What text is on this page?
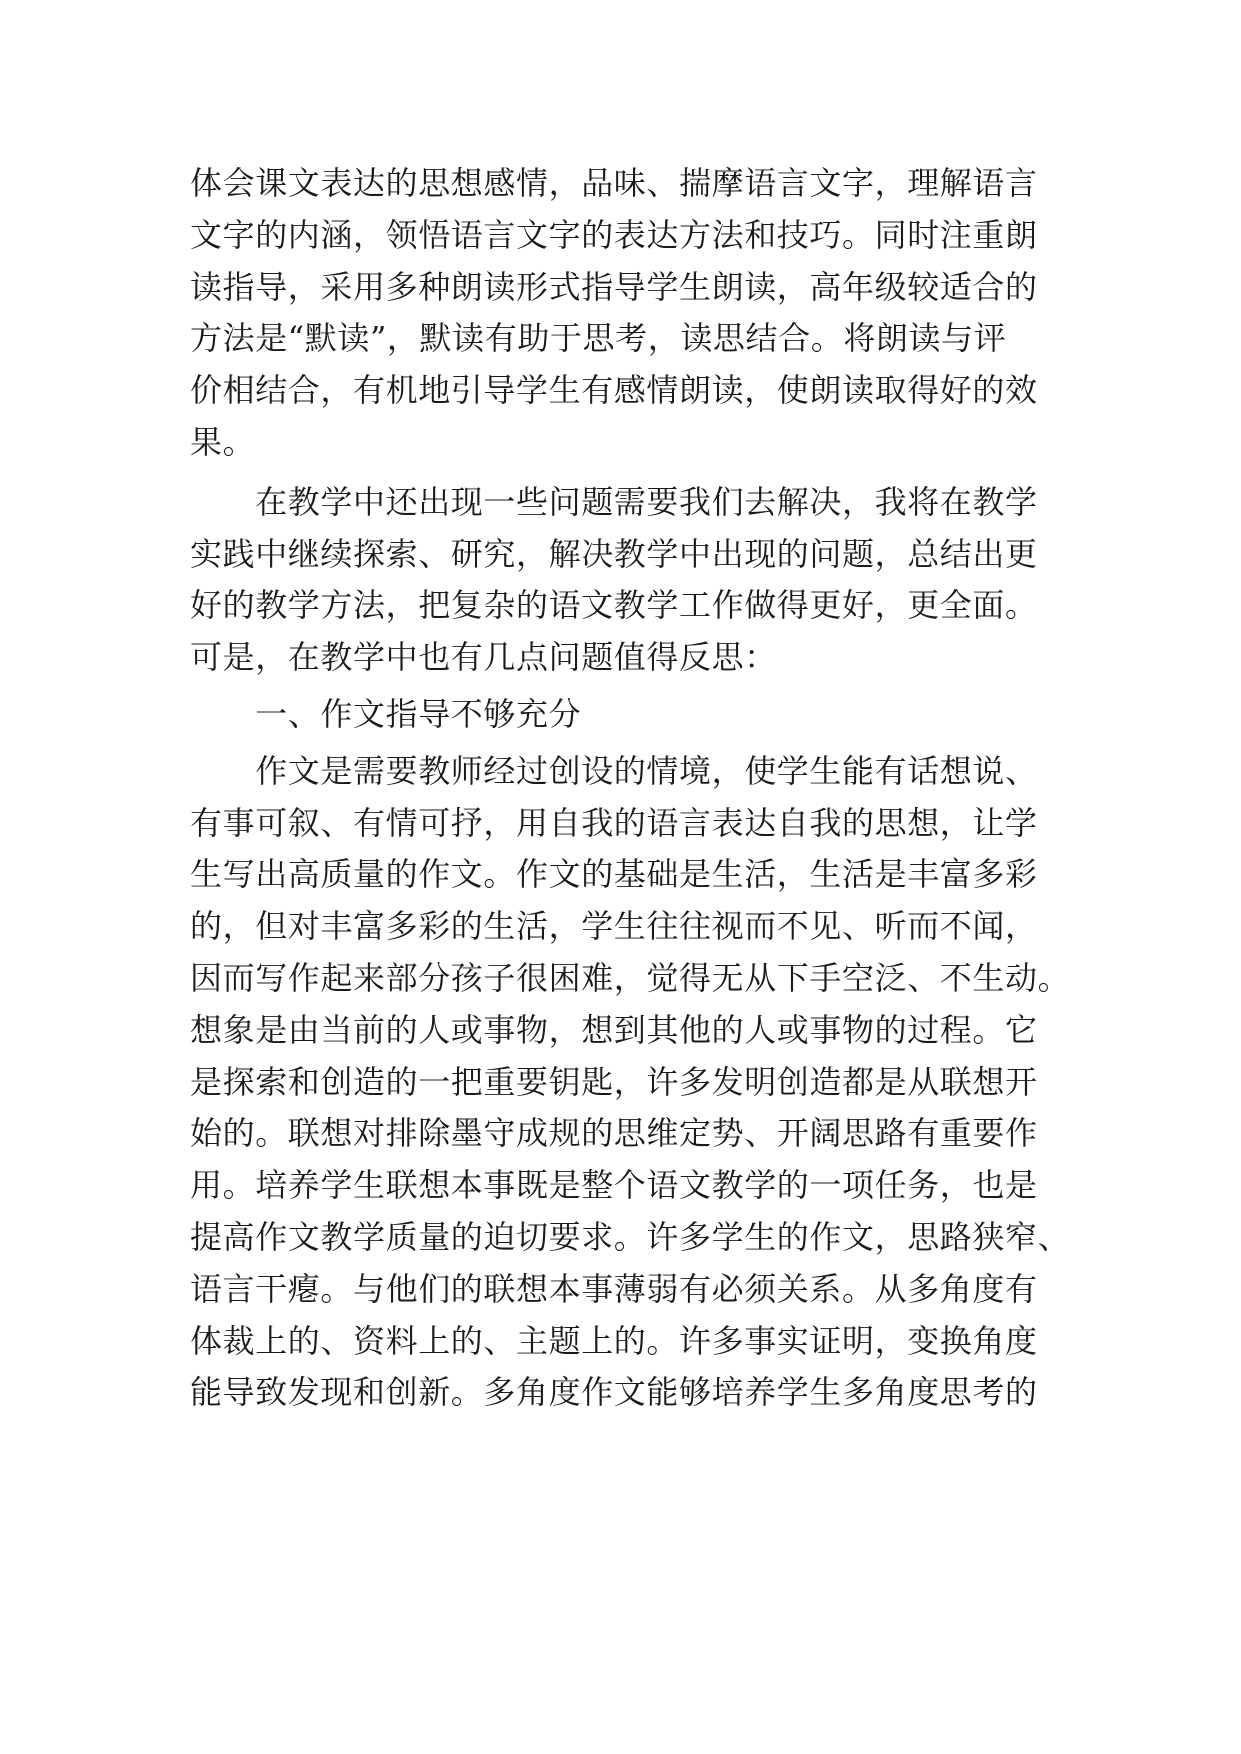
体会课文表达的思想感情，品味、揣摩语言文字，理解语言
文字的内涵，领悟语言文字的表达方法和技巧。同时注重朗
读指导，采用多种朗读形式指导学生朗读，高年级较适合的
方法是“默读”，默读有助于思考，读思结合。将朗读与评
价相结合，有机地引导学生有感情朗读，使朗读取得好的效
果。
　　在教学中还出现一些问题需要我们去解决，我将在教学
实践中继续探索、研究，解决教学中出现的问题，总结出更
好的教学方法，把复杂的语文教学工作做得更好，更全面。
可是，在教学中也有几点问题值得反思：
　　一、作文指导不够充分
　　作文是需要教师经过创设的情境，使学生能有话想说、
有事可叙、有情可抒，用自我的语言表达自我的思想，让学
生写出高质量的作文。作文的基础是生活，生活是丰富多彩
的，但对丰富多彩的生活，学生往往视而不见、听而不闻，
因而写作起来部分孩子很困难，觉得无从下手空泛、不生动。
想象是由当前的人或事物，想到其他的人或事物的过程。它
是探索和创造的一把重要钥匙，许多发明创造都是从联想开
始的。联想对排除墨守成规的思维定势、开阔思路有重要作
用。培养学生联想本事既是整个语文教学的一项任务，也是
提高作文教学质量的迫切要求。许多学生的作文，思路狭窄、
语言干瘪。与他们的联想本事薄弱有必须关系。从多角度有
体裁上的、资料上的、主题上的。许多事实证明，变换角度
能导致发现和创新。多角度作文能够培养学生多角度思考的
